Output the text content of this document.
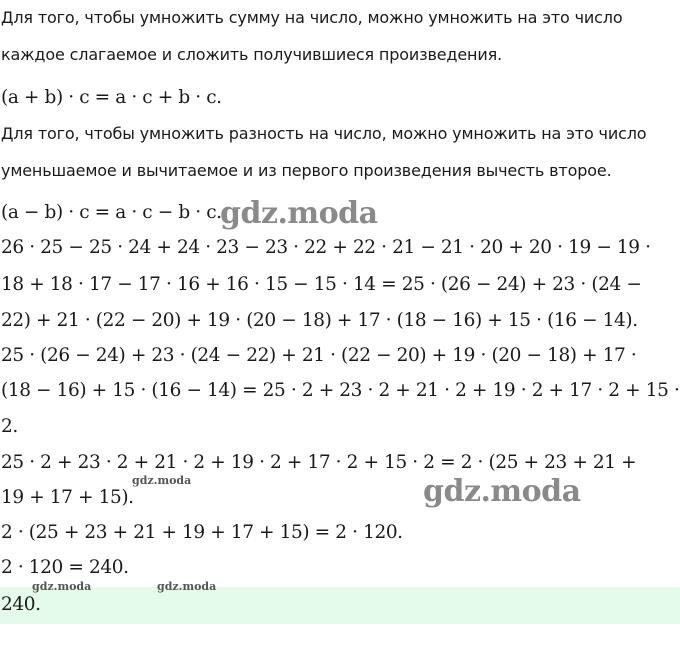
Для того, чтобы умножить сумму на число, можно умножить на это число
каждое слагаемое и сложить получившиеся произведения.
(a + b) · c = a · c + b · c.
Для того, чтобы умножить разность на число, можно умножить на это число
уменьшаемое и вычитаемое и из первого произведения вычесть второе.
(a − b) · c = a · c − b · c.
26 · 25 − 25 · 24 + 24 · 23 − 23 · 22 + 22 · 21 − 21 · 20 + 20 · 19 − 19 ·
18 + 18 · 17 − 17 · 16 + 16 · 15 − 15 · 14 = 25 · (26 − 24) + 23 · (24 −
22) + 21 · (22 − 20) + 19 · (20 − 18) + 17 · (18 − 16) + 15 · (16 − 14).
25 · (26 − 24) + 23 · (24 − 22) + 21 · (22 − 20) + 19 · (20 − 18) + 17 ·
(18 − 16) + 15 · (16 − 14) = 25 · 2 + 23 · 2 + 21 · 2 + 19 · 2 + 17 · 2 + 15 ·
2.
25 · 2 + 23 · 2 + 21 · 2 + 19 · 2 + 17 · 2 + 15 · 2 = 2 · (25 + 23 + 21 +
19 + 17 + 15).
2 · (25 + 23 + 21 + 19 + 17 + 15) = 2 · 120.
2 · 120 = 240.
240.
gdz.moda
gdz.moda
gdz.moda
gdz.moda	gdz.moda
